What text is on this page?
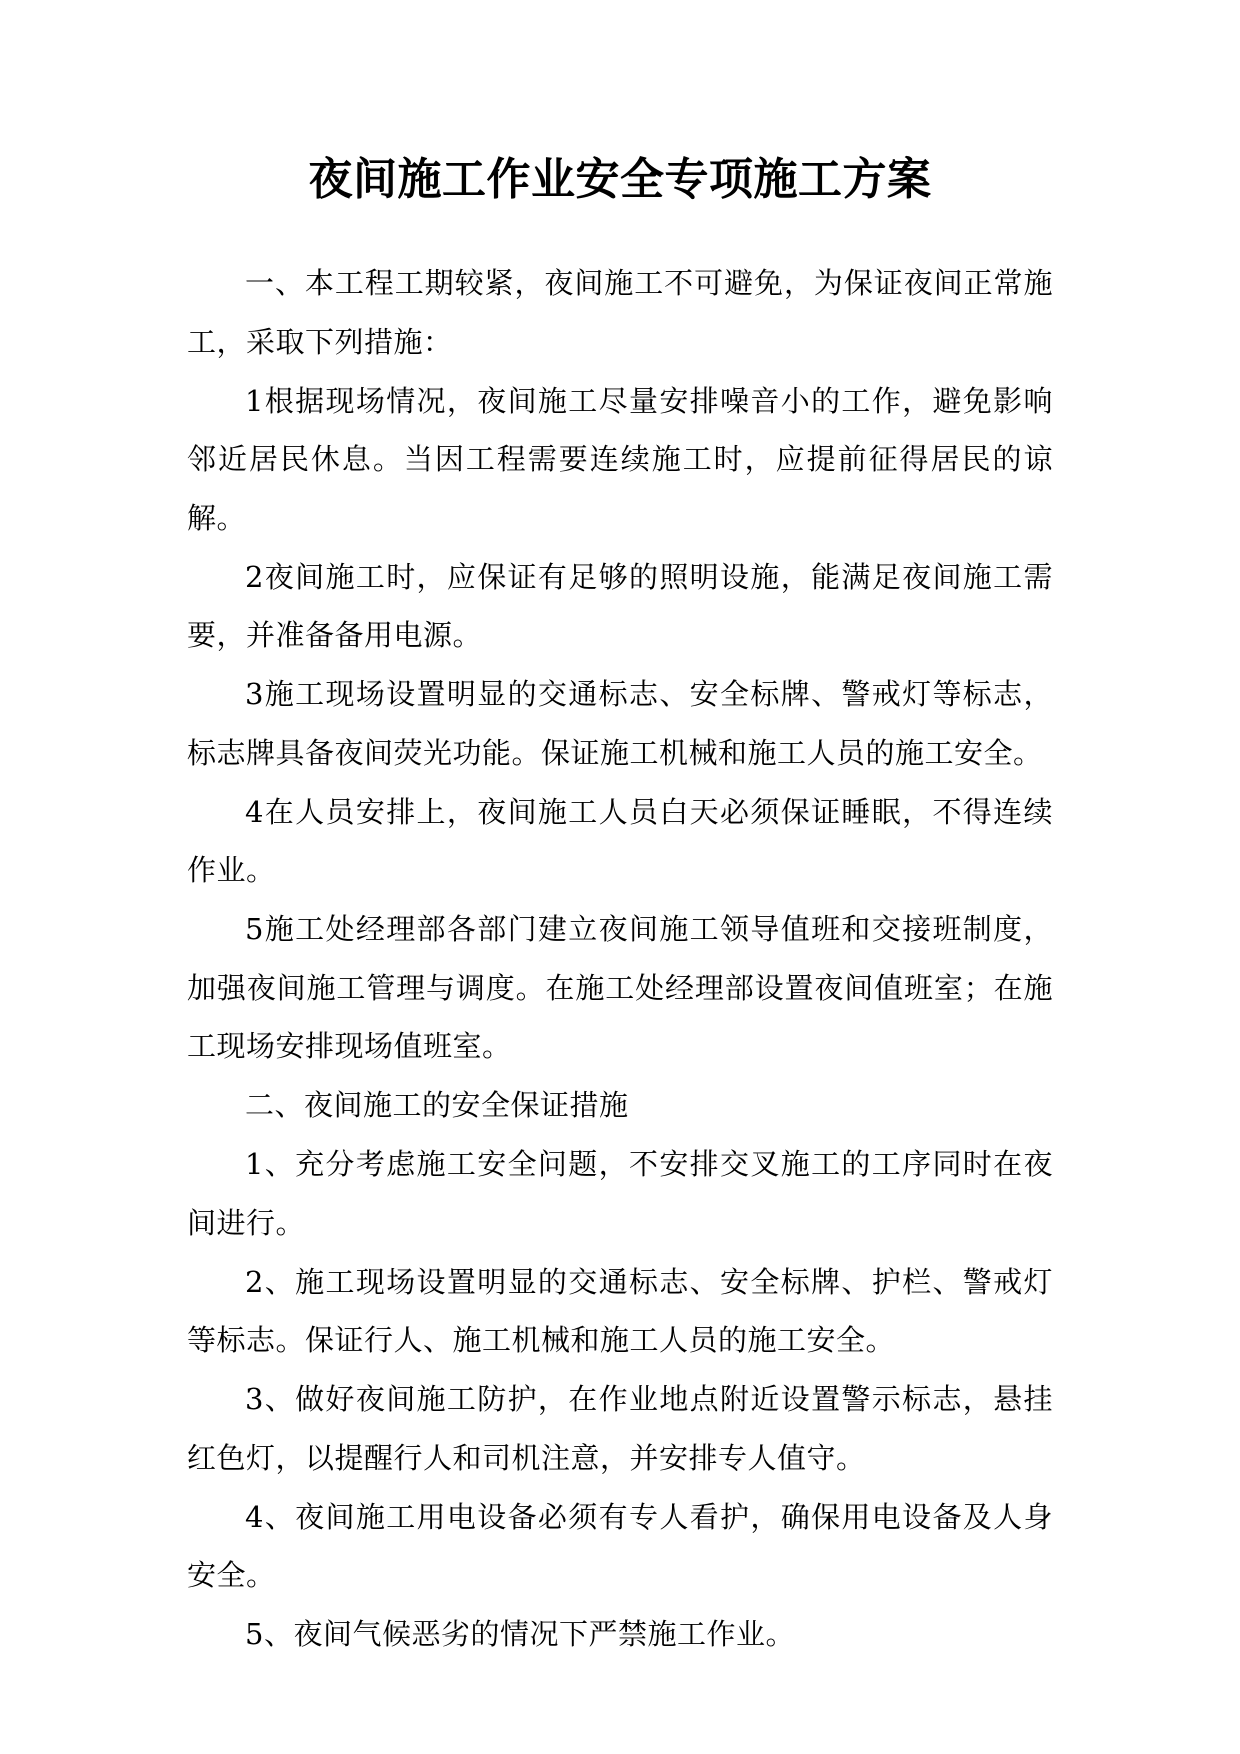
夜间施工作业安全专项施工方案

一、本工程工期较紧，夜间施工不可避免，为保证夜间正常施工，采取下列措施：

1根据现场情况，夜间施工尽量安排噪音小的工作，避免影响邻近居民休息。当因工程需要连续施工时，应提前征得居民的谅解。

2夜间施工时，应保证有足够的照明设施，能满足夜间施工需要，并准备备用电源。

3施工现场设置明显的交通标志、安全标牌、警戒灯等标志，标志牌具备夜间荧光功能。保证施工机械和施工人员的施工安全。

4在人员安排上，夜间施工人员白天必须保证睡眠，不得连续作业。

5施工处经理部各部门建立夜间施工领导值班和交接班制度，加强夜间施工管理与调度。在施工处经理部设置夜间值班室；在施工现场安排现场值班室。

二、夜间施工的安全保证措施

1、充分考虑施工安全问题，不安排交叉施工的工序同时在夜间进行。

2、施工现场设置明显的交通标志、安全标牌、护栏、警戒灯等标志。保证行人、施工机械和施工人员的施工安全。

3、做好夜间施工防护，在作业地点附近设置警示标志，悬挂红色灯，以提醒行人和司机注意，并安排专人值守。

4、夜间施工用电设备必须有专人看护，确保用电设备及人身安全。

5、夜间气候恶劣的情况下严禁施工作业。
